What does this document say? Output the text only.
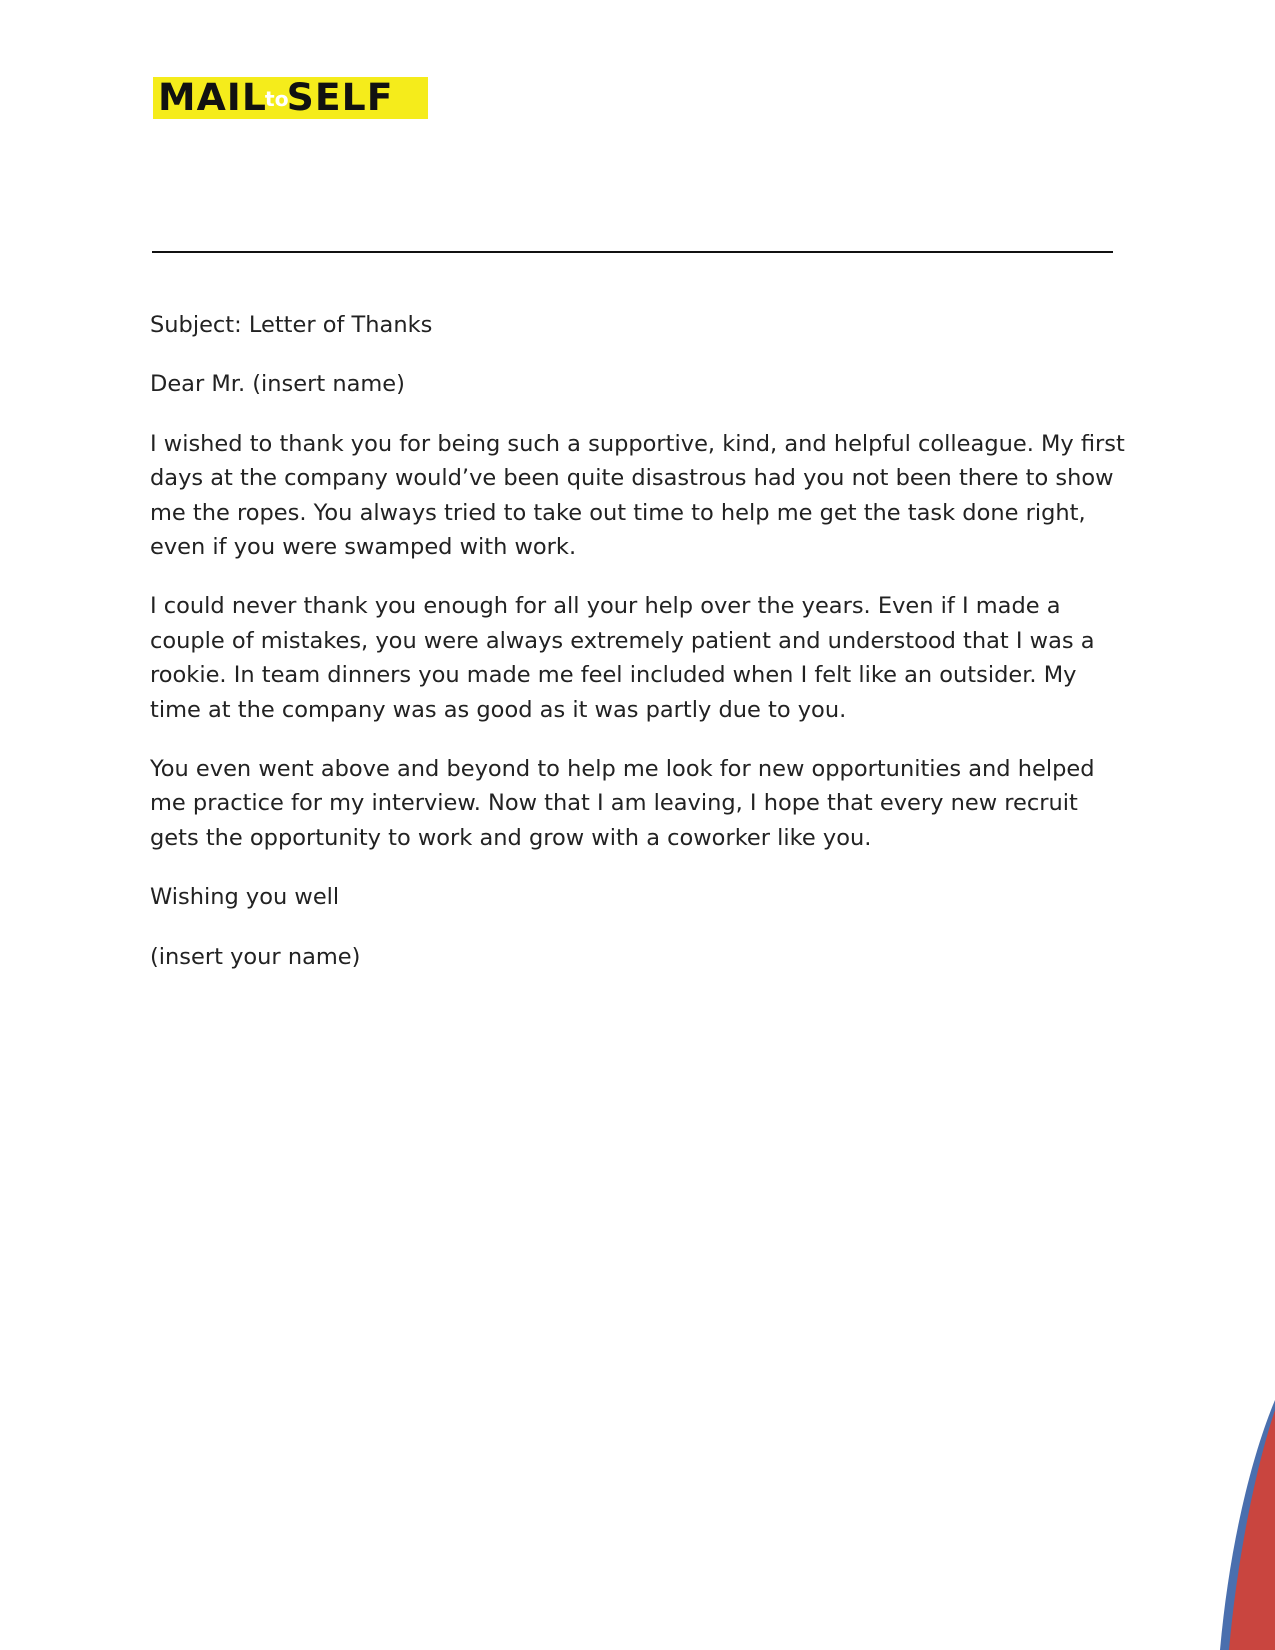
MAILtoSELF

Subject: Letter of Thanks

Dear Mr. (insert name)

I wished to thank you for being such a supportive, kind, and helpful colleague. My first days at the company would’ve been quite disastrous had you not been there to show me the ropes. You always tried to take out time to help me get the task done right, even if you were swamped with work.

I could never thank you enough for all your help over the years. Even if I made a couple of mistakes, you were always extremely patient and understood that I was a rookie. In team dinners you made me feel included when I felt like an outsider. My time at the company was as good as it was partly due to you.

You even went above and beyond to help me look for new opportunities and helped me practice for my interview. Now that I am leaving, I hope that every new recruit gets the opportunity to work and grow with a coworker like you.

Wishing you well

(insert your name)
